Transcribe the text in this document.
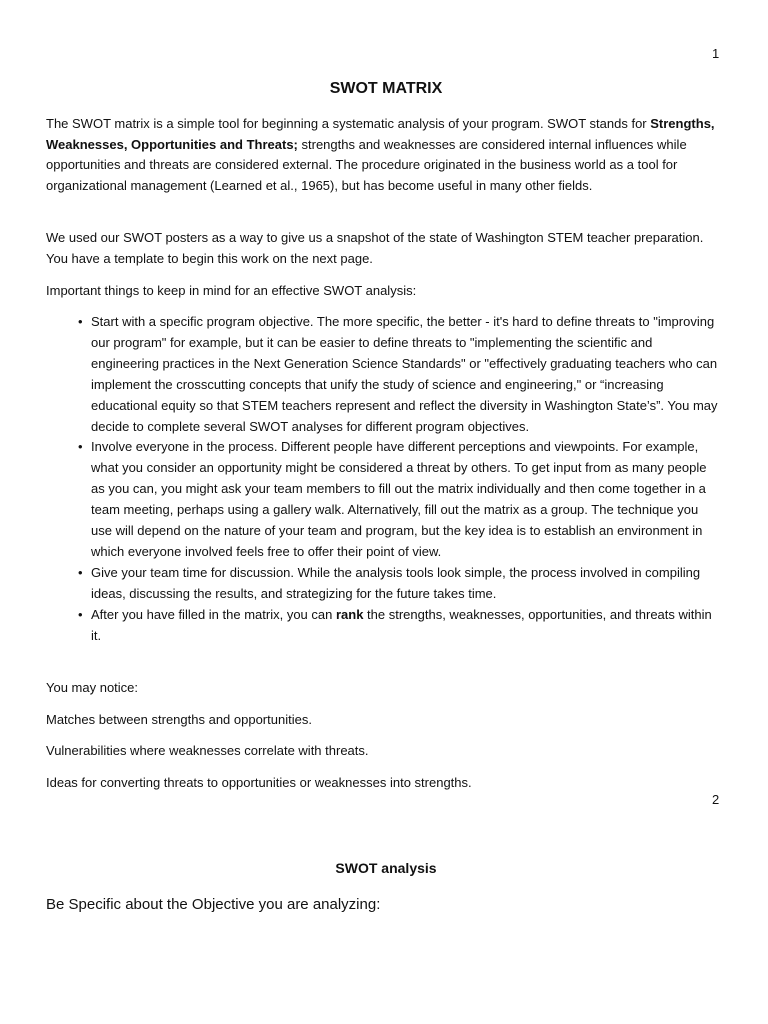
1
SWOT MATRIX
The SWOT matrix is a simple tool for beginning a systematic analysis of your program. SWOT stands for Strengths, Weaknesses, Opportunities and Threats; strengths and weaknesses are considered internal influences while opportunities and threats are considered external. The procedure originated in the business world as a tool for organizational management (Learned et al., 1965), but has become useful in many other fields.
We used our SWOT posters as a way to give us a snapshot of the state of Washington STEM teacher preparation. You have a template to begin this work on the next page.
Important things to keep in mind for an effective SWOT analysis:
• Start with a specific program objective. The more specific, the better - it's hard to define threats to "improving our program" for example, but it can be easier to define threats to "implementing the scientific and engineering practices in the Next Generation Science Standards" or "effectively graduating teachers who can implement the crosscutting concepts that unify the study of science and engineering," or “increasing educational equity so that STEM teachers represent and reflect the diversity in Washington State’s”. You may decide to complete several SWOT analyses for different program objectives.
• Involve everyone in the process. Different people have different perceptions and viewpoints. For example, what you consider an opportunity might be considered a threat by others. To get input from as many people as you can, you might ask your team members to fill out the matrix individually and then come together in a team meeting, perhaps using a gallery walk. Alternatively, fill out the matrix as a group. The technique you use will depend on the nature of your team and program, but the key idea is to establish an environment in which everyone involved feels free to offer their point of view.
• Give your team time for discussion. While the analysis tools look simple, the process involved in compiling ideas, discussing the results, and strategizing for the future takes time.
• After you have filled in the matrix, you can rank the strengths, weaknesses, opportunities, and threats within it.
You may notice:
Matches between strengths and opportunities.
Vulnerabilities where weaknesses correlate with threats.
Ideas for converting threats to opportunities or weaknesses into strengths.
2
SWOT analysis
Be Specific about the Objective you are analyzing:
